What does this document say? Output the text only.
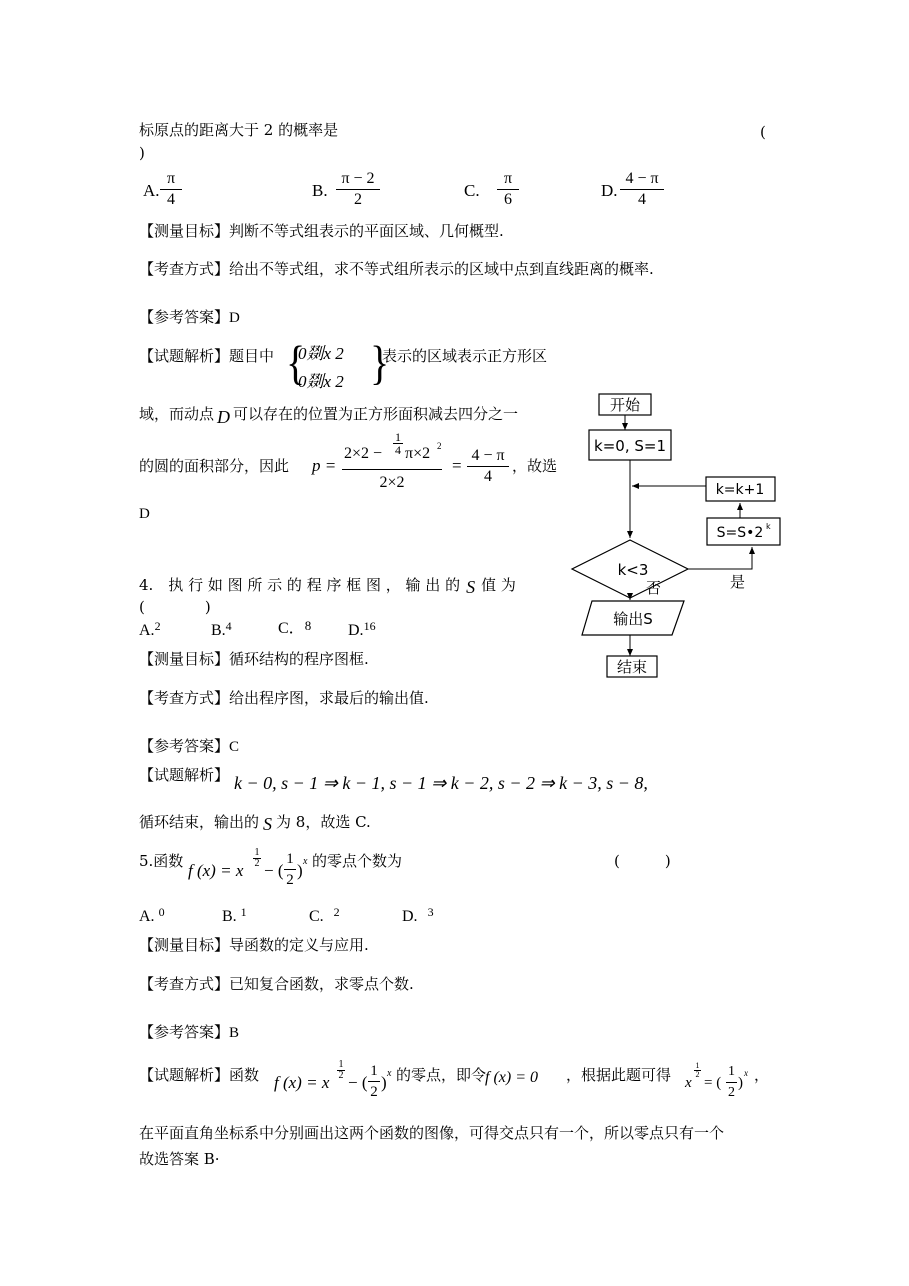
标原点的距离大于 2 的概率是	(
)
A.
π
4	B.
π − 2
2	C.
π
6	D.
4 − π
4
【测量目标】判断不等式组表示的平面区域、几何概型.
【考查方式】给出不等式组，求不等式组所表示的区域中点到直线距离的概率.
【参考答案】D
【试题解析】题目中 {
0剟x 2
0剟x 2 }
表示的区域表示正方形区
域，而动点 D 可以存在的位置为正方形面积减去四分之一
的圆的面积部分，因此 p =
2×2 −
1
4 π×2 2
2×2
=
4 − π
4
，故选
D
开始
k=0, S=1
k=k+1
S=S•2 k
k<3
是
否
输出S
结束
4.　执 行 如 图 所 示 的 程 序 框 图 ， 输 出 的 S 值 为
(　　　　)
A.$^2$	B.$^4$	C．8 D.$^{16}$
【测量目标】循环结构的程序图框.
【考查方式】给出程序图，求最后的输出值.
【参考答案】C
【试题解析】 k − 0, s − 1 ⇒ k − 1, s − 1 ⇒ k − 2, s − 2 ⇒ k − 3, s − 8,
循环结束，输出的 S 为 8，故选 C.
5.函数 f (x) = x
1
2 − (
1
2 ) x 的零点个数为	(　　　)
A. $^0$	B. $^1$	C. $^2$	D. $^3$
【测量目标】导函数的定义与应用.
【考查方式】已知复合函数，求零点个数.
【参考答案】B
【试题解析】函数 f (x) = x
1
2 − (
1
2 ) x 的零点，即令
f (x) = 0 ，根据此题可得 x
1
2
= (
1
2
)
x ，
在平面直角坐标系中分别画出这两个函数的图像，可得交点只有一个，所以零点只有一个
故选答案 B·
